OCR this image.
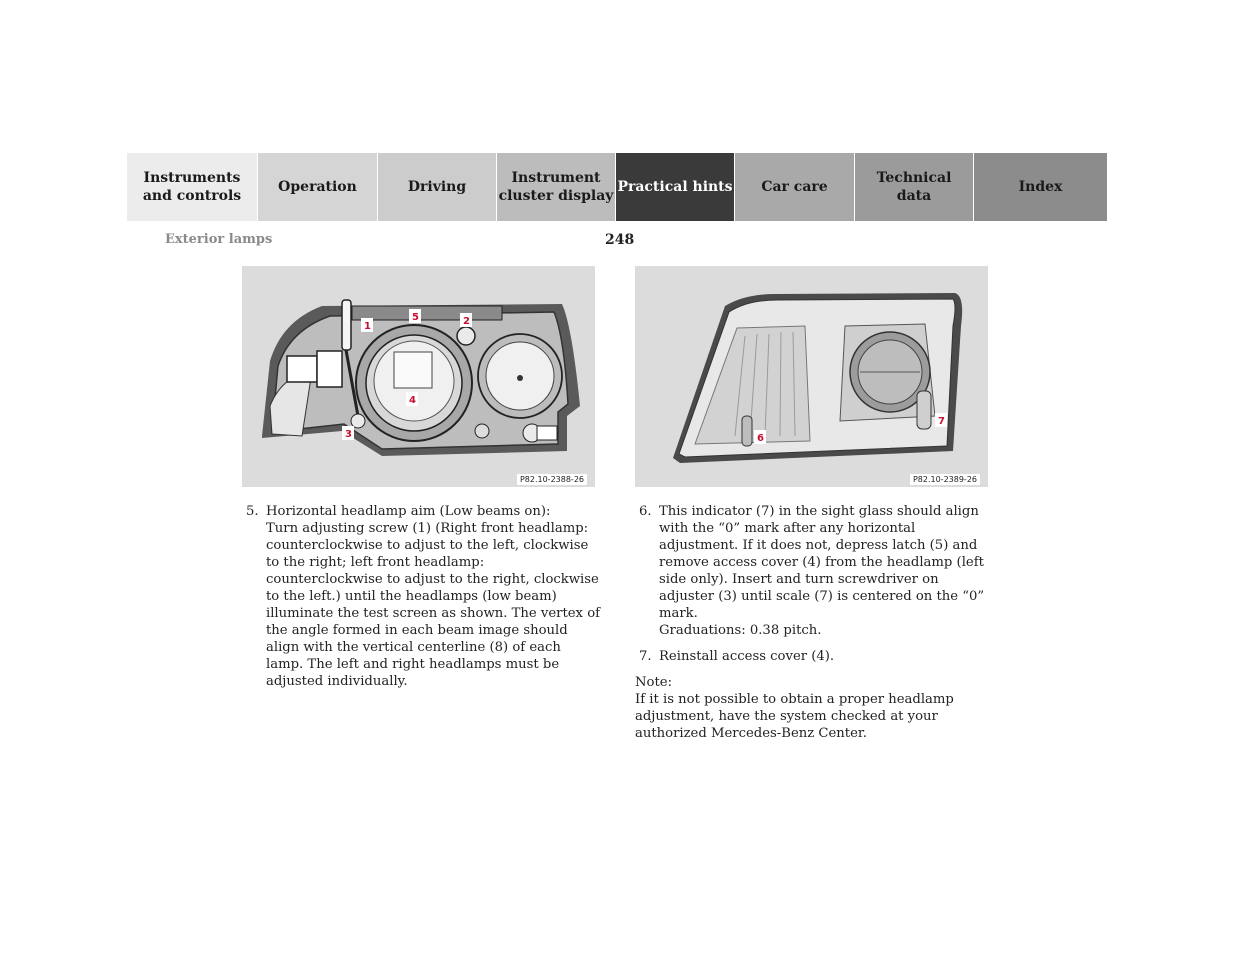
Instruments
and controls
Operation	Driving
Instrument
cluster display
Practical hints	Car care
Technical
data
Index
Exterior lamps	248
1
5	2
4
3
P82.10-2388-26
6
7
P82.10-2389-26
5. Horizontal headlamp aim (Low beams on):
Turn adjusting screw (1) (Right front headlamp: counterclockwise to adjust to the left, clockwise to the right; left front headlamp: counterclockwise to adjust to the right, clockwise to the left.) until the headlamps (low beam) illuminate the test screen as shown. The vertex of the angle formed in each beam image should align with the vertical centerline (8) of each lamp. The left and right headlamps must be adjusted individually.
6. This indicator (7) in the sight glass should align with the “0” mark after any horizontal adjustment. If it does not, depress latch (5) and remove access cover (4) from the headlamp (left side only). Insert and turn screwdriver on adjuster (3) until scale (7) is centered on the “0” mark.
Graduations: 0.38 pitch.
7. Reinstall access cover (4).
Note:
If it is not possible to obtain a proper headlamp adjustment, have the system checked at your authorized Mercedes-Benz Center.
